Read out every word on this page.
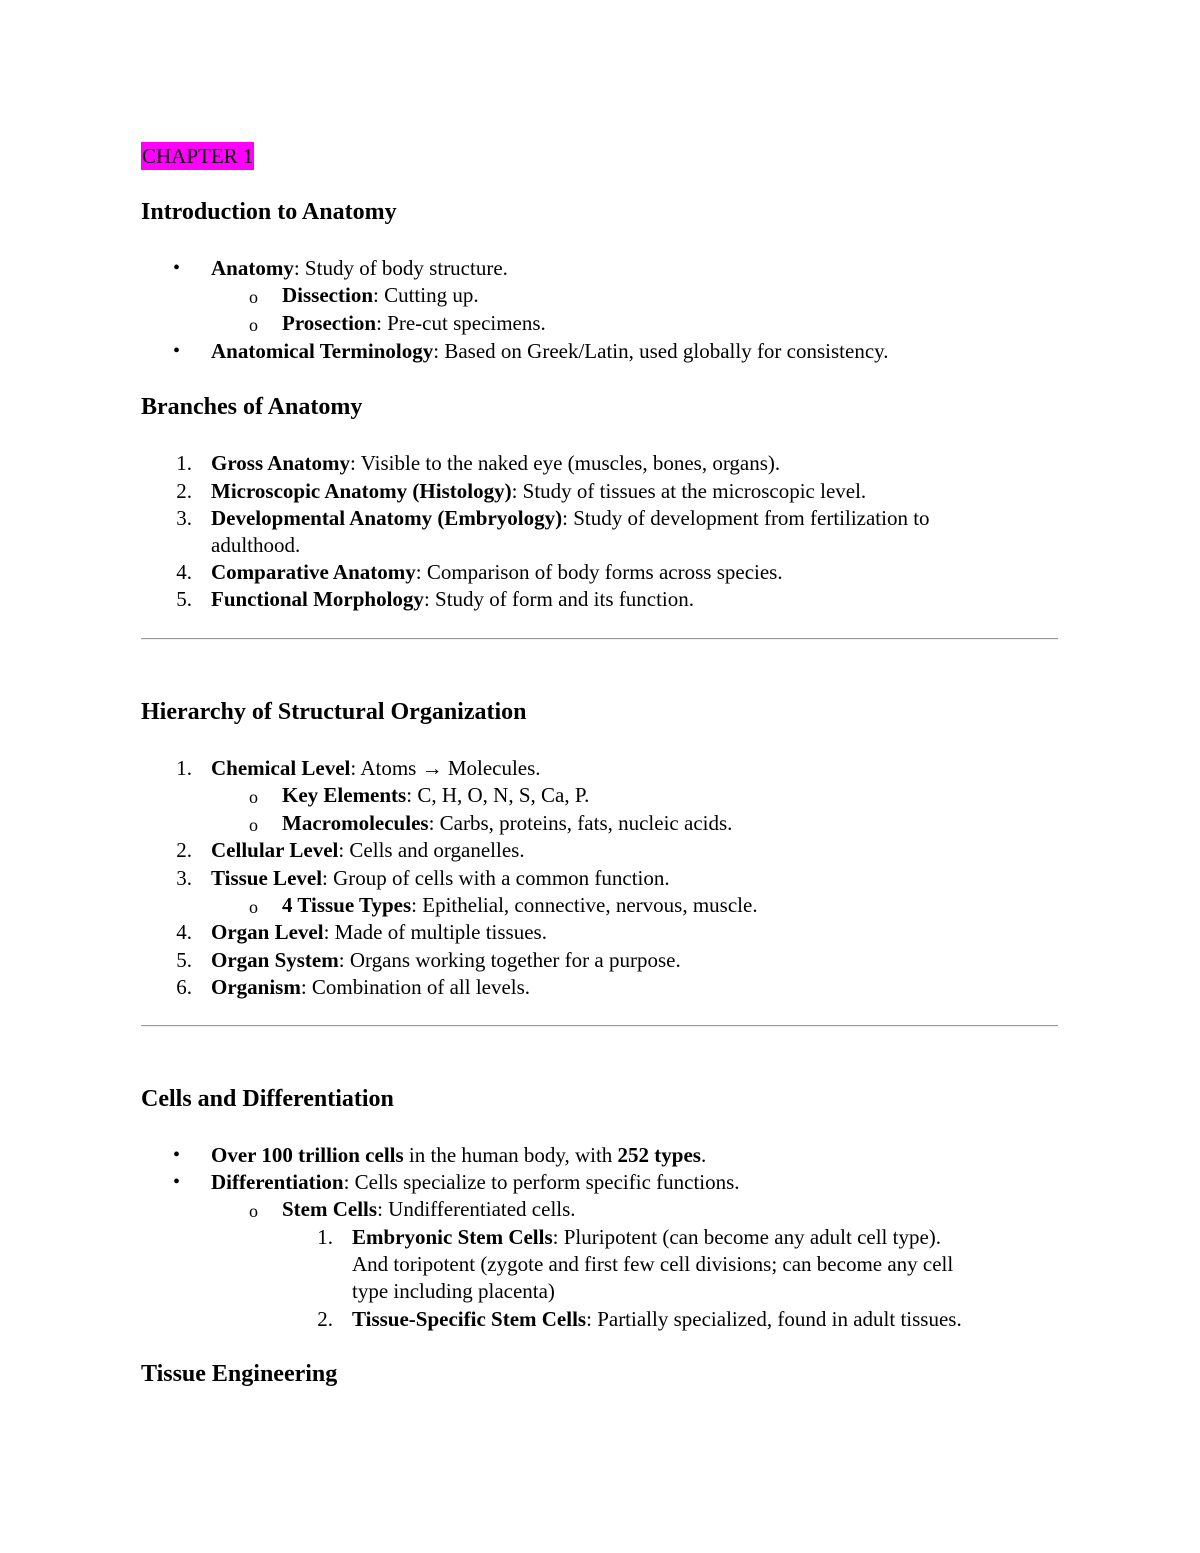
CHAPTER 1
Introduction to Anatomy
• Anatomy: Study of body structure.
o Dissection: Cutting up.
o Prosection: Pre-cut specimens.
• Anatomical Terminology: Based on Greek/Latin, used globally for consistency.
Branches of Anatomy
1. Gross Anatomy: Visible to the naked eye (muscles, bones, organs).
2. Microscopic Anatomy (Histology): Study of tissues at the microscopic level.
3. Developmental Anatomy (Embryology): Study of development from fertilization to
adulthood.
4. Comparative Anatomy: Comparison of body forms across species.
5. Functional Morphology: Study of form and its function.
Hierarchy of Structural Organization
1. Chemical Level: Atoms → Molecules.
o Key Elements: C, H, O, N, S, Ca, P.
o Macromolecules: Carbs, proteins, fats, nucleic acids.
2. Cellular Level: Cells and organelles.
3. Tissue Level: Group of cells with a common function.
o 4 Tissue Types: Epithelial, connective, nervous, muscle.
4. Organ Level: Made of multiple tissues.
5. Organ System: Organs working together for a purpose.
6. Organism: Combination of all levels.
Cells and Differentiation
• Over 100 trillion cells in the human body, with 252 types.
• Differentiation: Cells specialize to perform specific functions.
o Stem Cells: Undifferentiated cells.
1. Embryonic Stem Cells: Pluripotent (can become any adult cell type).
And toripotent (zygote and first few cell divisions; can become any cell
type including placenta)
2. Tissue-Specific Stem Cells: Partially specialized, found in adult tissues.
Tissue Engineering
